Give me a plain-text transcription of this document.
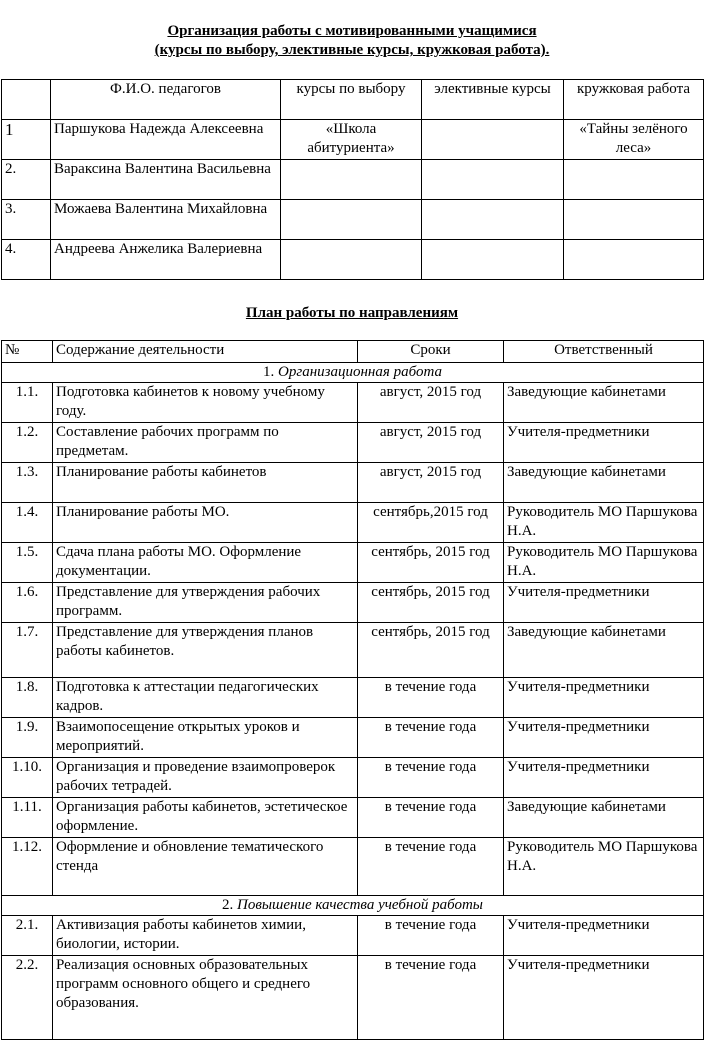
Организация работы с мотивированными учащимися
(курсы по выбору, элективные курсы, кружковая работа).
	Ф.И.О. педагогов	курсы по выбору	элективные курсы	кружковая работа
1	Паршукова Надежда Алексеевна	«Школа абитуриента»		«Тайны зелёного леса»
2.	Вараксина Валентина Васильевна			
3.	Можаева Валентина Михайловна			
4.	Андреева Анжелика Валериевна			
План работы по направлениям
№	Содержание деятельности	Сроки	Ответственный
1. Организационная работа			
1.1.	Подготовка кабинетов к новому учебному году.	август, 2015 год	Заведующие кабинетами
1.2.	Составление рабочих программ по предметам.	август, 2015 год	Учителя-предметники
1.3.	Планирование работы кабинетов	август, 2015 год	Заведующие кабинетами
1.4.	Планирование работы МО.	сентябрь,2015 год	Руководитель МО Паршукова Н.А.
1.5.	Сдача плана работы МО. Оформление документации.	сентябрь, 2015 год	Руководитель МО Паршукова Н.А.
1.6.	Представление для утверждения рабочих программ.	сентябрь, 2015 год	Учителя-предметники
1.7.	Представление для утверждения планов работы кабинетов.	сентябрь, 2015 год	Заведующие кабинетами
1.8.	Подготовка к аттестации педагогических кадров.	в течение года	Учителя-предметники
1.9.	Взаимопосещение открытых уроков и мероприятий.	в течение года	Учителя-предметники
1.10.	Организация и проведение взаимопроверок рабочих тетрадей.	в течение года	Учителя-предметники
1.11.	Организация работы кабинетов, эстетическое оформление.	в течение года	Заведующие кабинетами
1.12.	Оформление и обновление тематического стенда	в течение года	Руководитель МО Паршукова Н.А.
2. Повышение качества учебной работы			
2.1.	Активизация работы кабинетов химии, биологии, истории.	в течение года	Учителя-предметники
2.2.	Реализация основных образовательных программ основного общего и среднего образования.	в течение года	Учителя-предметники
